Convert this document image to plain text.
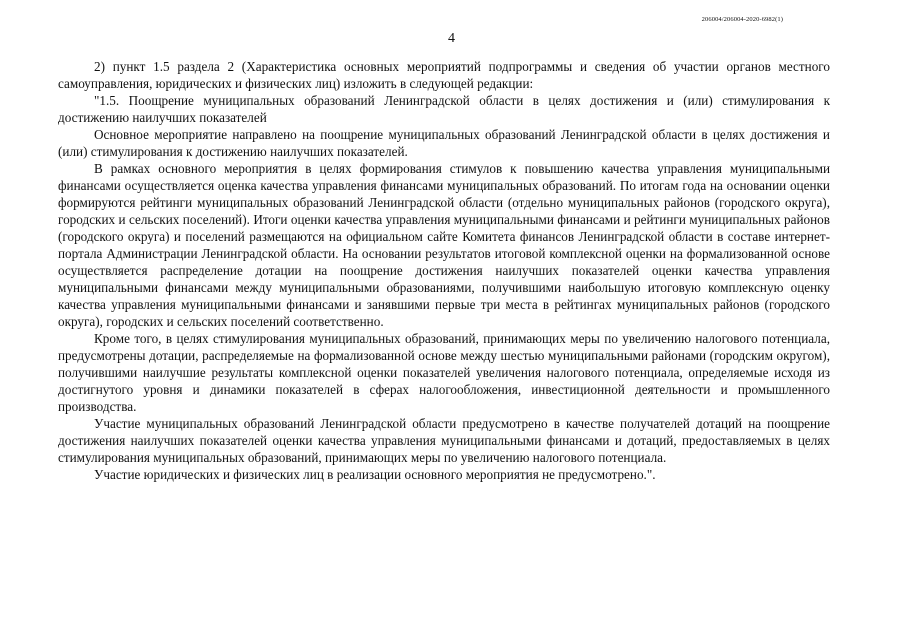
206004/206004-2020-6982(1)
4

2) пункт 1.5 раздела 2 (Характеристика основных мероприятий подпрограммы и сведения об участии органов местного самоуправления, юридических и физических лиц) изложить в следующей редакции:

"1.5. Поощрение муниципальных образований Ленинградской области в целях достижения и (или) стимулирования к достижению наилучших показателей

Основное мероприятие направлено на поощрение муниципальных образований Ленинградской области в целях достижения и (или) стимулирования к достижению наилучших показателей.

В рамках основного мероприятия в целях формирования стимулов к повышению качества управления муниципальными финансами осуществляется оценка качества управления финансами муниципальных образований. По итогам года на основании оценки формируются рейтинги муниципальных образований Ленинградской области (отдельно муниципальных районов (городского округа), городских и сельских поселений). Итоги оценки качества управления муниципальными финансами и рейтинги муниципальных районов (городского округа) и поселений размещаются на официальном сайте Комитета финансов Ленинградской области в составе интернет-портала Администрации Ленинградской области. На основании результатов итоговой комплексной оценки на формализованной основе осуществляется распределение дотации на поощрение достижения наилучших показателей оценки качества управления муниципальными финансами между муниципальными образованиями, получившими наибольшую итоговую комплексную оценку качества управления муниципальными финансами и занявшими первые три места в рейтингах муниципальных районов (городского округа), городских и сельских поселений соответственно.

Кроме того, в целях стимулирования муниципальных образований, принимающих меры по увеличению налогового потенциала, предусмотрены дотации, распределяемые на формализованной основе между шестью муниципальными районами (городским округом), получившими наилучшие результаты комплексной оценки показателей увеличения налогового потенциала, определяемые исходя из достигнутого уровня и динамики показателей в сферах налогообложения, инвестиционной деятельности и промышленного производства.

Участие муниципальных образований Ленинградской области предусмотрено в качестве получателей дотаций на поощрение достижения наилучших показателей оценки качества управления муниципальными финансами и дотаций, предоставляемых в целях стимулирования муниципальных образований, принимающих меры по увеличению налогового потенциала.

Участие юридических и физических лиц в реализации основного мероприятия не предусмотрено.".
